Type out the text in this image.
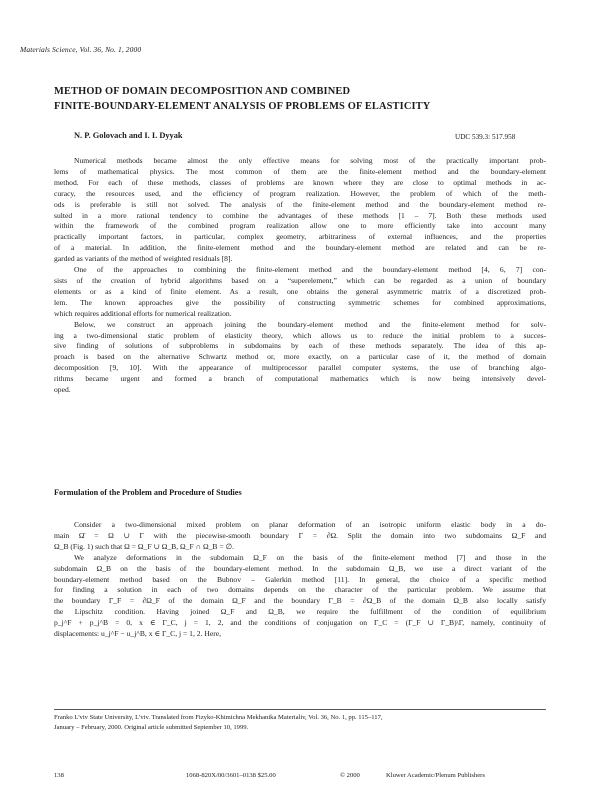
Materials Science, Vol. 36, No. 1, 2000
METHOD OF DOMAIN DECOMPOSITION AND COMBINED
FINITE-BOUNDARY-ELEMENT ANALYSIS OF PROBLEMS OF ELASTICITY
N. P. Golovach and I. I. Dyyak	UDC 539.3: 517.958

Numerical methods became almost the only effective means for solving most of the practically important prob-
lems of mathematical physics. The most common of them are the finite-element method and the boundary-element
method. For each of these methods, classes of problems are known where they are close to optimal methods in ac-
curacy, the resources used, and the efficiency of program realization. However, the problem of which of the meth-
ods is preferable is still not solved. The analysis of the finite-element method and the boundary-element method re-
sulted in a more rational tendency to combine the advantages of these methods [1 – 7]. Both these methods used
within the framework of the combined program realization allow one to more efficiently take into account many
practically important factors, in particular, complex geometry, arbitrariness of external influences, and the properties
of a material. In addition, the finite-element method and the boundary-element method are related and can be re-
garded as variants of the method of weighted residuals [8].

One of the approaches to combining the finite-element method and the boundary-element method [4, 6, 7] con-
sists of the creation of hybrid algorithms based on a “superelement,” which can be regarded as a union of boundary
elements or as a kind of finite element. As a result, one obtains the general asymmetric matrix of a discretized prob-
lem. The known approaches give the possibility of constructing symmetric schemes for combined approximations,
which requires additional efforts for numerical realization.

Below, we construct an approach joining the boundary-element method and the finite-element method for solv-
ing a two-dimensional static problem of elasticity theory, which allows us to reduce the initial problem to a succes-
sive finding of solutions of subproblems in subdomains by each of these methods separately. The idea of this ap-
proach is based on the alternative Schwartz method or, more exactly, on a particular case of it, the method of domain
decomposition [9, 10]. With the appearance of multiprocessor parallel computer systems, the use of branching algo-
rithms became urgent and formed a branch of computational mathematics which is now being intensively devel-
oped.

Formulation of the Problem and Procedure of Studies

Consider a two-dimensional mixed problem on planar deformation of an isotropic uniform elastic body in a do-
main Ω̄ = Ω ∪ Γ with the piecewise-smooth boundary Γ = ∂Ω. Split the domain into two subdomains Ω_F and
Ω_B (Fig. 1) such that Ω = Ω_F ∪ Ω_B, Ω_F ∩ Ω_B = ∅.

We analyze deformations in the subdomain Ω_F on the basis of the finite-element method [7] and those in the
subdomain Ω_B on the basis of the boundary-element method. In the subdomain Ω_B, we use a direct variant of the
boundary-element method based on the Bubnov – Galerkin method [11]. In general, the choice of a specific method
for finding a solution in each of two domains depends on the character of the particular problem. We assume that
the boundary Γ_F = ∂Ω_F of the domain Ω_F and the boundary Γ_B = ∂Ω_B of the domain Ω_B also locally satisfy
the Lipschitz condition. Having joined Ω_F and Ω_B, we require the fulfillment of the condition of equilibrium
p_j^F + p_j^B = 0, x ∈ Γ_C, j = 1, 2, and the conditions of conjugation on Γ_C = (Γ_F ∪ Γ_B)\Γ, namely, continuity of
displacements: u_j^F − u_j^B, x ∈ Γ_C, j = 1, 2. Here,

Franko L'viv State University, L'viv. Translated from Fizyko-Khimichna Mekhanika Materialiv, Vol. 36, No. 1, pp. 115–117,
January – February, 2000. Original article submitted September 10, 1999.
138	1068-820X/00/3601–0138 $25.00	© 2000	Kluwer Academic/Plenum Publishers
